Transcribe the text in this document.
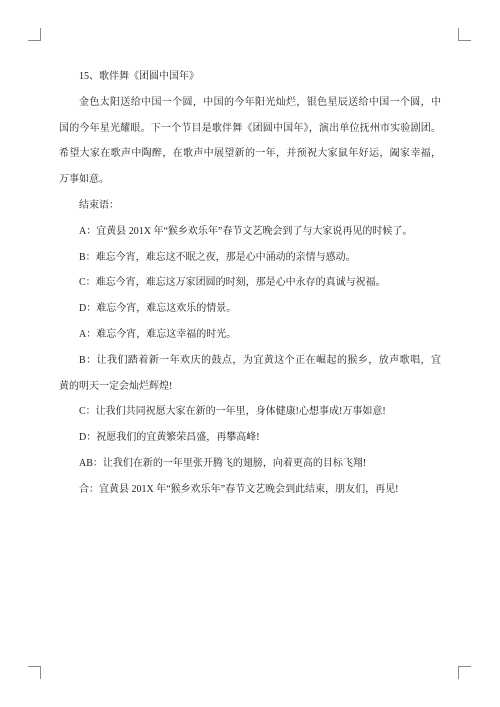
15、歌伴舞《团圆中国年》

金色太阳送给中国一个圆，中国的今年阳光灿烂，银色星辰送给中国一个圆，中

国的今年星光耀眼。下一个节目是歌伴舞《团圆中国年》，演出单位抚州市实验剧团。

希望大家在歌声中陶醉，在歌声中展望新的一年，并预祝大家鼠年好运，阖家幸福，

万事如意。

结束语：

A：宜黄县 201X 年“猴乡欢乐年”春节文艺晚会到了与大家说再见的时候了。

B：难忘今宵，难忘这不眠之夜，那是心中涌动的亲情与感动。

C：难忘今宵，难忘这万家团圆的时刻，那是心中永存的真诚与祝福。

D：难忘今宵，难忘这欢乐的情景。

A：难忘今宵，难忘这幸福的时光。

B：让我们踏着新一年欢庆的鼓点，为宜黄这个正在崛起的猴乡，放声歌唱，宜

黄的明天一定会灿烂辉煌!

C：让我们共同祝愿大家在新的一年里，身体健康!心想事成!万事如意!

D：祝愿我们的宜黄繁荣昌盛，再攀高峰!

AB：让我们在新的一年里张开腾飞的翅膀，向着更高的目标飞翔!

合：宜黄县 201X 年“猴乡欢乐年”春节文艺晚会到此结束，朋友们，再见!
